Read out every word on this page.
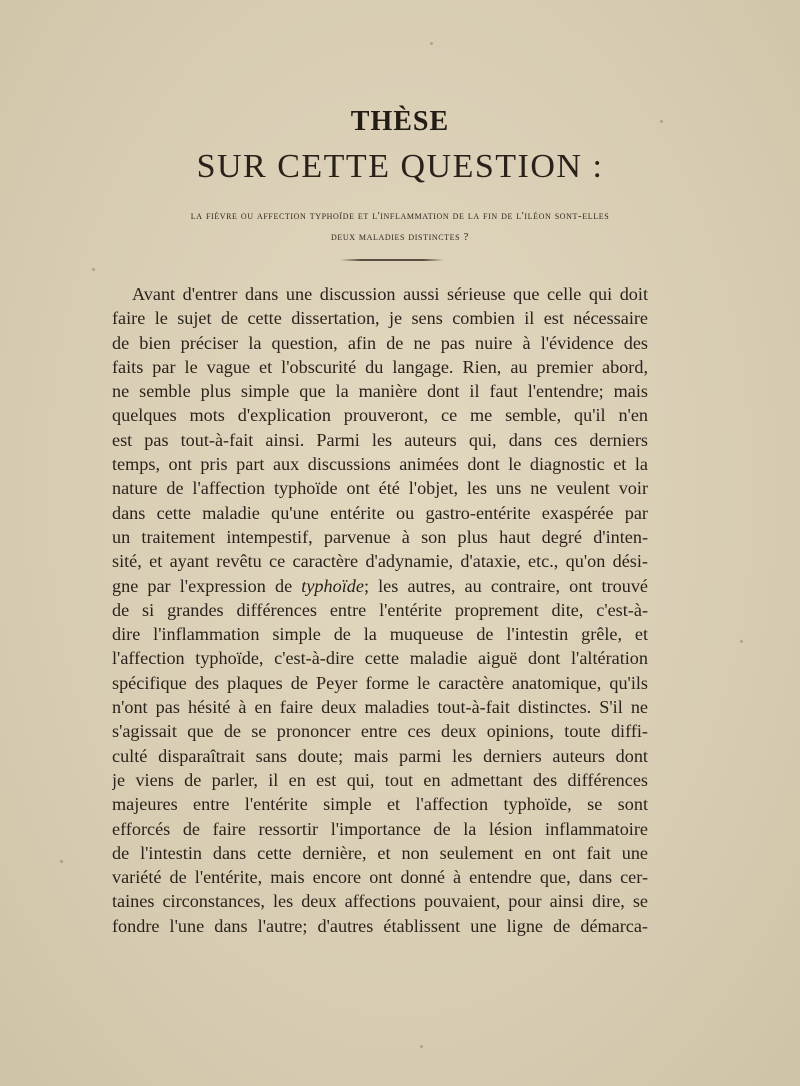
THÈSE
SUR CETTE QUESTION :
la fièvre ou affection typhoïde et l'inflammation de la fin de l'iléon sont-elles
deux maladies distinctes ?
Avant d'entrer dans une discussion aussi sérieuse que celle qui doit
faire le sujet de cette dissertation, je sens combien il est nécessaire
de bien préciser la question, afin de ne pas nuire à l'évidence des
faits par le vague et l'obscurité du langage. Rien, au premier abord,
ne semble plus simple que la manière dont il faut l'entendre; mais
quelques mots d'explication prouveront, ce me semble, qu'il n'en
est pas tout-à-fait ainsi. Parmi les auteurs qui, dans ces derniers
temps, ont pris part aux discussions animées dont le diagnostic et la
nature de l'affection typhoïde ont été l'objet, les uns ne veulent voir
dans cette maladie qu'une entérite ou gastro-entérite exaspérée par
un traitement intempestif, parvenue à son plus haut degré d'inten-
sité, et ayant revêtu ce caractère d'adynamie, d'ataxie, etc., qu'on dési-
gne par l'expression de typhoïde; les autres, au contraire, ont trouvé
de si grandes différences entre l'entérite proprement dite, c'est-à-
dire l'inflammation simple de la muqueuse de l'intestin grêle, et
l'affection typhoïde, c'est-à-dire cette maladie aiguë dont l'altération
spécifique des plaques de Peyer forme le caractère anatomique, qu'ils
n'ont pas hésité à en faire deux maladies tout-à-fait distinctes. S'il ne
s'agissait que de se prononcer entre ces deux opinions, toute diffi-
culté disparaîtrait sans doute; mais parmi les derniers auteurs dont
je viens de parler, il en est qui, tout en admettant des différences
majeures entre l'entérite simple et l'affection typhoïde, se sont
efforcés de faire ressortir l'importance de la lésion inflammatoire
de l'intestin dans cette dernière, et non seulement en ont fait une
variété de l'entérite, mais encore ont donné à entendre que, dans cer-
taines circonstances, les deux affections pouvaient, pour ainsi dire, se
fondre l'une dans l'autre; d'autres établissent une ligne de démarca-
